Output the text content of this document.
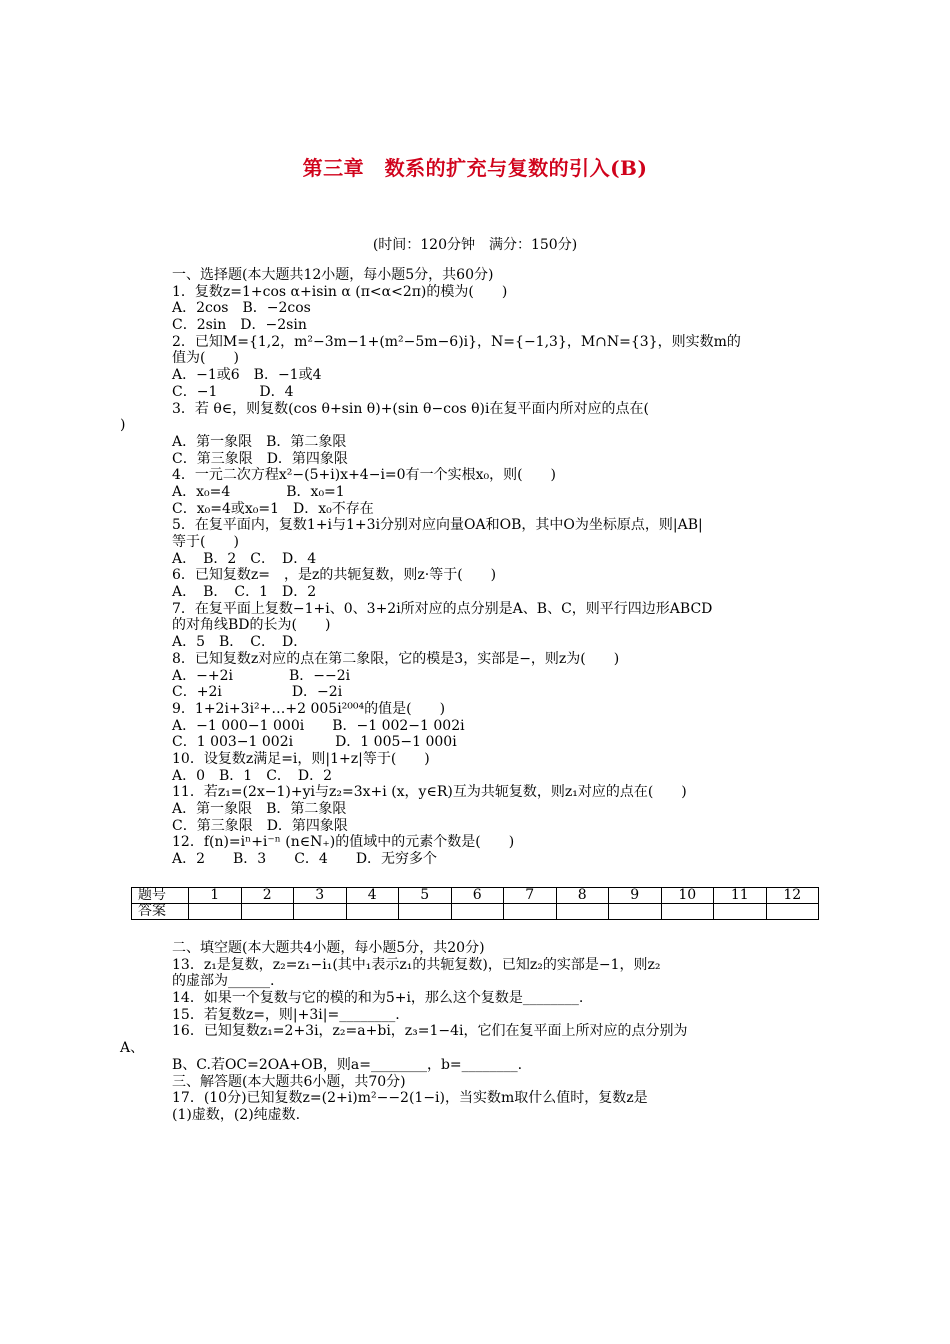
第三章　数系的扩充与复数的引入(B)
(时间：120分钟　满分：150分)
一、选择题(本大题共12小题，每小题5分，共60分)
1．复数z=1+cos α+isin α (π<α<2π)的模为(　　)
A．2cos　B．−2cos
C．2sin　D．−2sin
2．已知M={1,2，m²−3m−1+(m²−5m−6)i}，N={−1,3}，M∩N={3}，则实数m的
值为(　　)
A．−1或6　B．−1或4
C．−1　　　D．4
3．若 θ∈，则复数(cos θ+sin θ)+(sin θ−cos θ)i在复平面内所对应的点在(
)
A．第一象限　B．第二象限
C．第三象限　D．第四象限
4．一元二次方程x²−(5+i)x+4−i=0有一个实根x₀，则(　　)
A．x₀=4　　　　B．x₀=1
C．x₀=4或x₀=1　D．x₀不存在
5．在复平面内，复数1+i与1+3i分别对应向量OA和OB，其中O为坐标原点，则|AB|
等于(　　)
A．　B．2　C．　D．4
6．已知复数z=　，是z的共轭复数，则z·等于(　　)
A．　B．　C．1　D．2
7．在复平面上复数−1+i、0、3+2i所对应的点分别是A、B、C，则平行四边形ABCD
的对角线BD的长为(　　)
A．5　B．　C．　D．
8．已知复数z对应的点在第二象限，它的模是3，实部是−，则z为(　　)
A．−+2i　　　　B．−−2i
C．+2i　　　　　D．−2i
9．1+2i+3i²+…+2 005i²⁰⁰⁴的值是(　　)
A．−1 000−1 000i　　B．−1 002−1 002i
C．1 003−1 002i　　　D．1 005−1 000i
10．设复数z满足=i，则|1+z|等于(　　)
A．0　B．1　C．　D．2
11．若z₁=(2x−1)+yi与z₂=3x+i (x，y∈R)互为共轭复数，则z₁对应的点在(　　)
A．第一象限　B．第二象限
C．第三象限　D．第四象限
12．f(n)=iⁿ+i⁻ⁿ (n∈N₊)的值域中的元素个数是(　　)
A．2　　B．3　　C．4　　D．无穷多个
题号	1	2	3	4	5	6	7	8	9	10	11	12
答案												
二、填空题(本大题共4小题，每小题5分，共20分)
13．z₁是复数，z₂=z₁−i₁(其中₁表示z₁的共轭复数)，已知z₂的实部是−1，则z₂
的虚部为______.
14．如果一个复数与它的模的和为5+i，那么这个复数是________.
15．若复数z=，则|+3i|=________.
16．已知复数z₁=2+3i，z₂=a+bi，z₃=1−4i，它们在复平面上所对应的点分别为
A、
B、C.若OC=2OA+OB，则a=________，b=________.
三、解答题(本大题共6小题，共70分)
17．(10分)已知复数z=(2+i)m²−−2(1−i)，当实数m取什么值时，复数z是
(1)虚数，(2)纯虚数.
